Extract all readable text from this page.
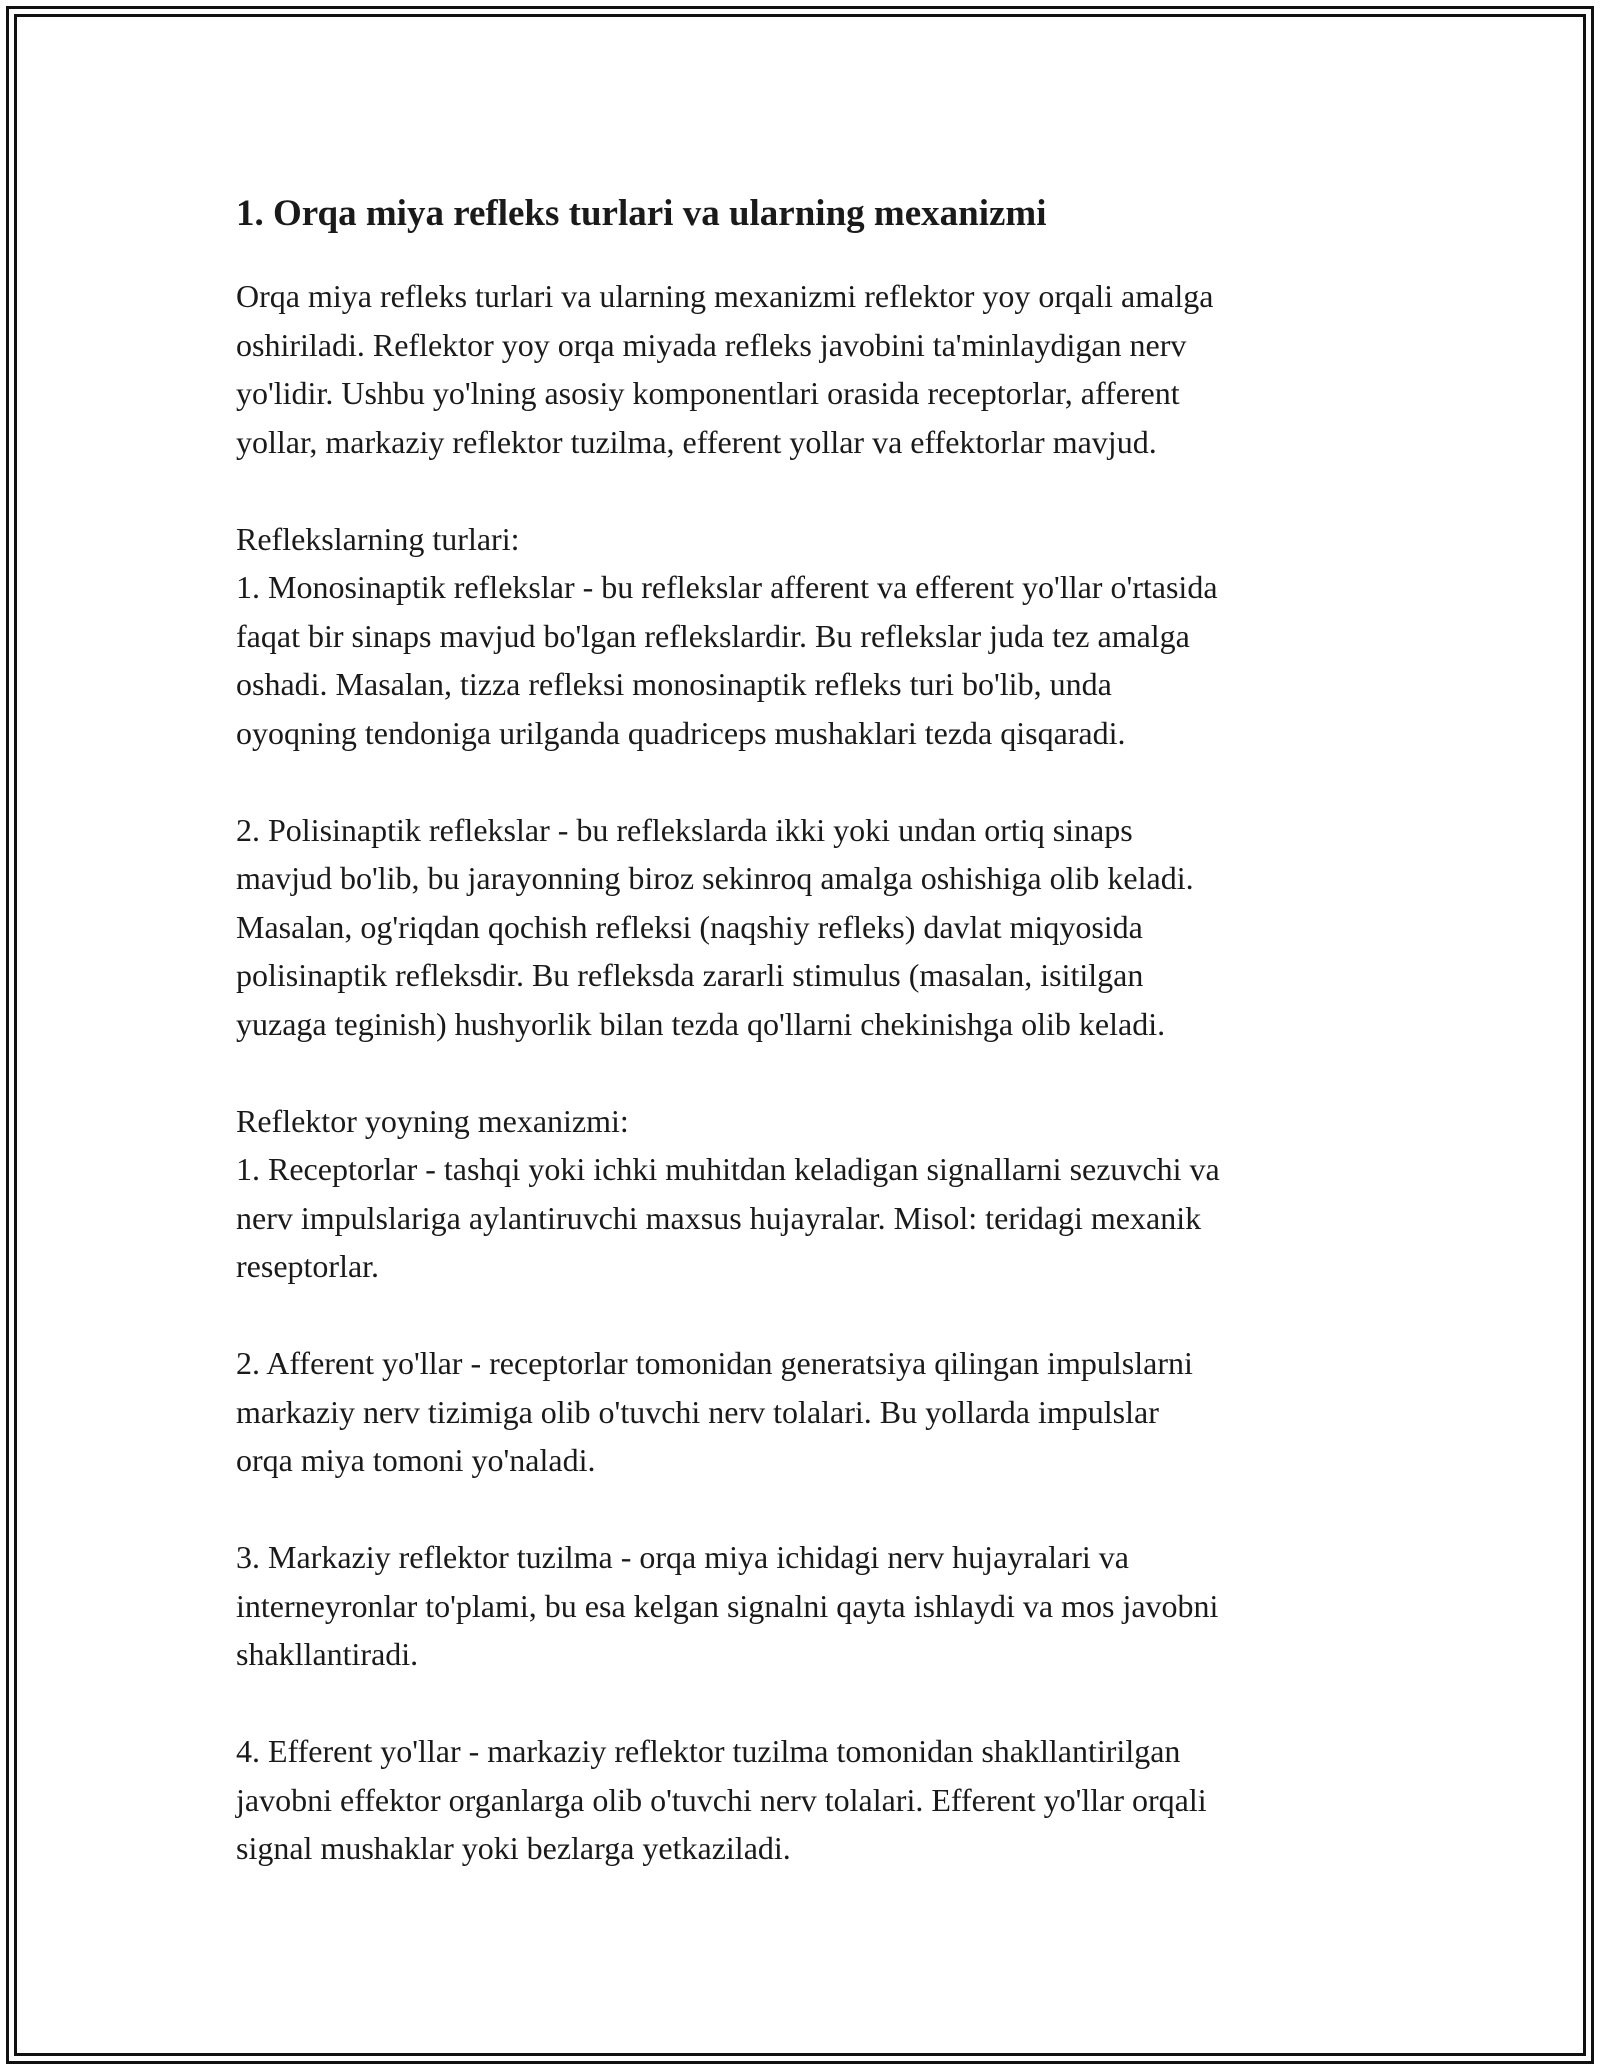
1. Orqa miya refleks turlari va ularning mexanizmi

Orqa miya refleks turlari va ularning mexanizmi reflektor yoy orqali amalga
oshiriladi. Reflektor yoy orqa miyada refleks javobini ta'minlaydigan nerv
yo'lidir. Ushbu yo'lning asosiy komponentlari orasida receptorlar, afferent
yollar, markaziy reflektor tuzilma, efferent yollar va effektorlar mavjud.

Reflekslarning turlari:
1. Monosinaptik reflekslar - bu reflekslar afferent va efferent yo'llar o'rtasida
faqat bir sinaps mavjud bo'lgan reflekslardir. Bu reflekslar juda tez amalga
oshadi. Masalan, tizza refleksi monosinaptik refleks turi bo'lib, unda
oyoqning tendoniga urilganda quadriceps mushaklari tezda qisqaradi.

2. Polisinaptik reflekslar - bu reflekslarda ikki yoki undan ortiq sinaps
mavjud bo'lib, bu jarayonning biroz sekinroq amalga oshishiga olib keladi.
Masalan, og'riqdan qochish refleksi (naqshiy refleks) davlat miqyosida
polisinaptik refleksdir. Bu refleksda zararli stimulus (masalan, isitilgan
yuzaga teginish) hushyorlik bilan tezda qo'llarni chekinishga olib keladi.

Reflektor yoyning mexanizmi:
1. Receptorlar - tashqi yoki ichki muhitdan keladigan signallarni sezuvchi va
nerv impulslariga aylantiruvchi maxsus hujayralar. Misol: teridagi mexanik
reseptorlar.

2. Afferent yo'llar - receptorlar tomonidan generatsiya qilingan impulslarni
markaziy nerv tizimiga olib o'tuvchi nerv tolalari. Bu yollarda impulslar
orqa miya tomoni yo'naladi.

3. Markaziy reflektor tuzilma - orqa miya ichidagi nerv hujayralari va
interneyronlar to'plami, bu esa kelgan signalni qayta ishlaydi va mos javobni
shakllantiradi.

4. Efferent yo'llar - markaziy reflektor tuzilma tomonidan shakllantirilgan
javobni effektor organlarga olib o'tuvchi nerv tolalari. Efferent yo'llar orqali
signal mushaklar yoki bezlarga yetkaziladi.
